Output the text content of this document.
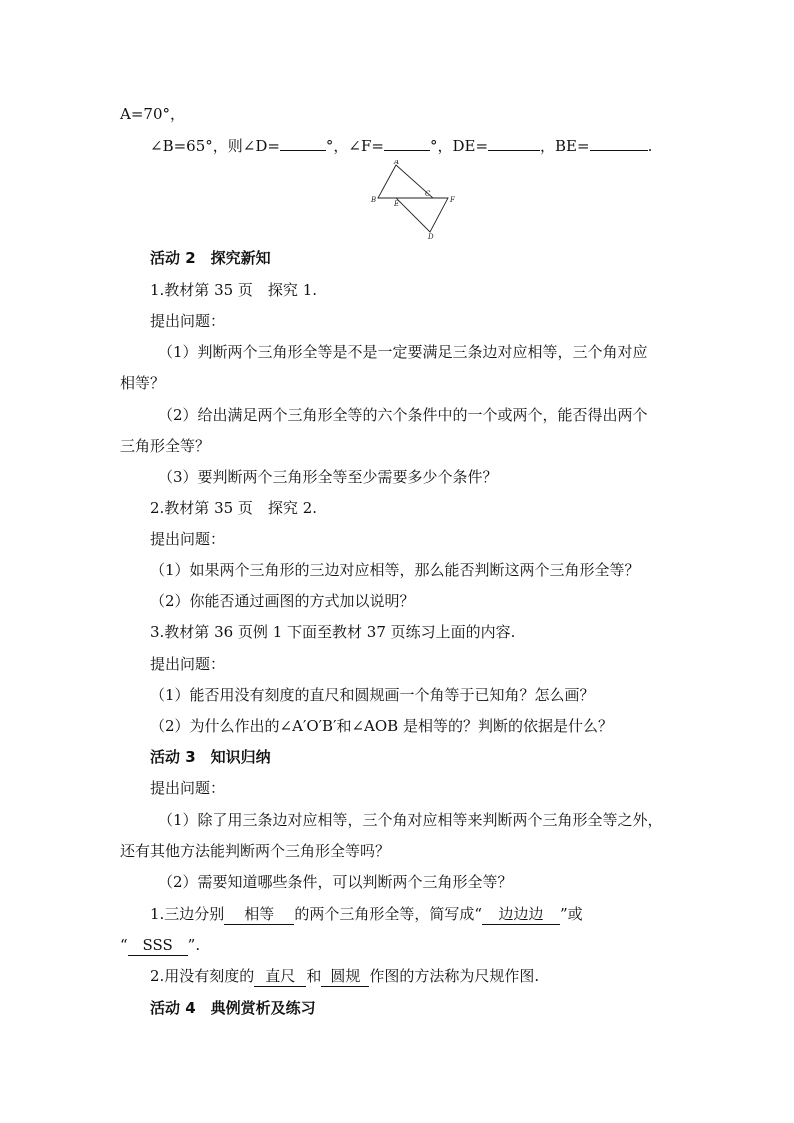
A=70°，
∠B=65°，则∠D=	°，∠F=	°，DE=	，BE=	.
A
B	E
C
F
D
活动 2　探究新知
1.教材第 35 页　探究 1.
提出问题：
（1）判断两个三角形全等是不是一定要满足三条边对应相等，三个角对应
相等？
（2）给出满足两个三角形全等的六个条件中的一个或两个，能否得出两个
三角形全等？
（3）要判断两个三角形全等至少需要多少个条件？
2.教材第 35 页　探究 2.
提出问题：
（1）如果两个三角形的三边对应相等，那么能否判断这两个三角形全等？
（2）你能否通过画图的方式加以说明？
3.教材第 36 页例 1 下面至教材 37 页练习上面的内容.
提出问题：
（1）能否用没有刻度的直尺和圆规画一个角等于已知角？怎么画？
（2）为什么作出的∠A′O′B′和∠AOB 是相等的？判断的依据是什么？
活动 3　知识归纳
提出问题：
（1）除了用三条边对应相等，三个角对应相等来判断两个三角形全等之外，
还有其他方法能判断两个三角形全等吗？
（2）需要知道哪些条件，可以判断两个三角形全等？
1.三边分别 相等 的两个三角形全等，简写成“ 边边边 ”或
“ SSS ”.
2.用没有刻度的 直尺 和 圆规 作图的方法称为尺规作图.
活动 4　典例赏析及练习
